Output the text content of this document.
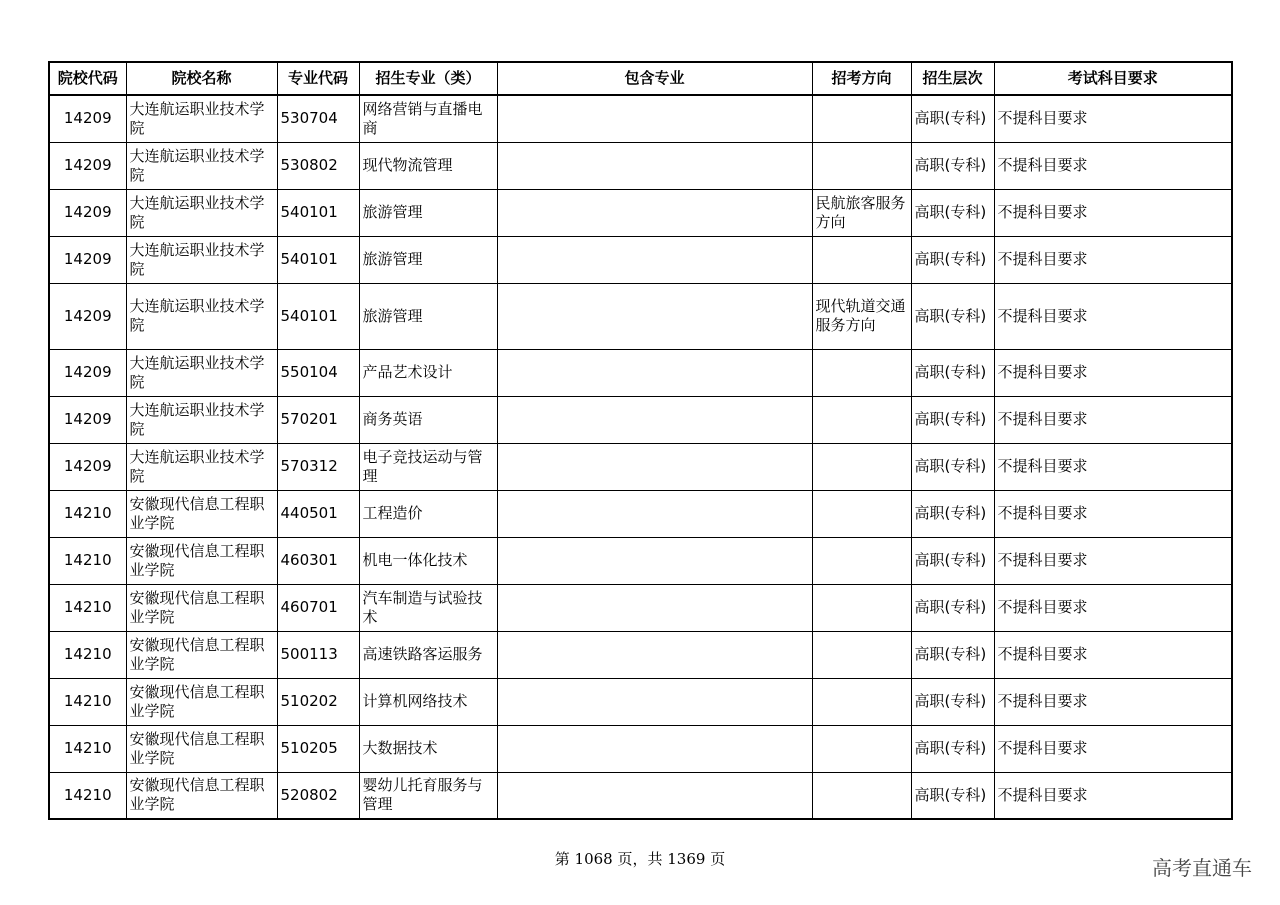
院校代码	院校名称	专业代码	招生专业（类）	包含专业	招考方向	招生层次	考试科目要求
14209	大连航运职业技术学院	530704	网络营销与直播电商			高职(专科)	不提科目要求
14209	大连航运职业技术学院	530802	现代物流管理			高职(专科)	不提科目要求
14209	大连航运职业技术学院	540101	旅游管理		民航旅客服务方向	高职(专科)	不提科目要求
14209	大连航运职业技术学院	540101	旅游管理			高职(专科)	不提科目要求
14209	大连航运职业技术学院	540101	旅游管理		现代轨道交通服务方向	高职(专科)	不提科目要求
14209	大连航运职业技术学院	550104	产品艺术设计			高职(专科)	不提科目要求
14209	大连航运职业技术学院	570201	商务英语			高职(专科)	不提科目要求
14209	大连航运职业技术学院	570312	电子竞技运动与管理			高职(专科)	不提科目要求
14210	安徽现代信息工程职业学院	440501	工程造价			高职(专科)	不提科目要求
14210	安徽现代信息工程职业学院	460301	机电一体化技术			高职(专科)	不提科目要求
14210	安徽现代信息工程职业学院	460701	汽车制造与试验技术			高职(专科)	不提科目要求
14210	安徽现代信息工程职业学院	500113	高速铁路客运服务			高职(专科)	不提科目要求
14210	安徽现代信息工程职业学院	510202	计算机网络技术			高职(专科)	不提科目要求
14210	安徽现代信息工程职业学院	510205	大数据技术			高职(专科)	不提科目要求
14210	安徽现代信息工程职业学院	520802	婴幼儿托育服务与管理			高职(专科)	不提科目要求
第 1068 页，共 1369 页	高考直通车
